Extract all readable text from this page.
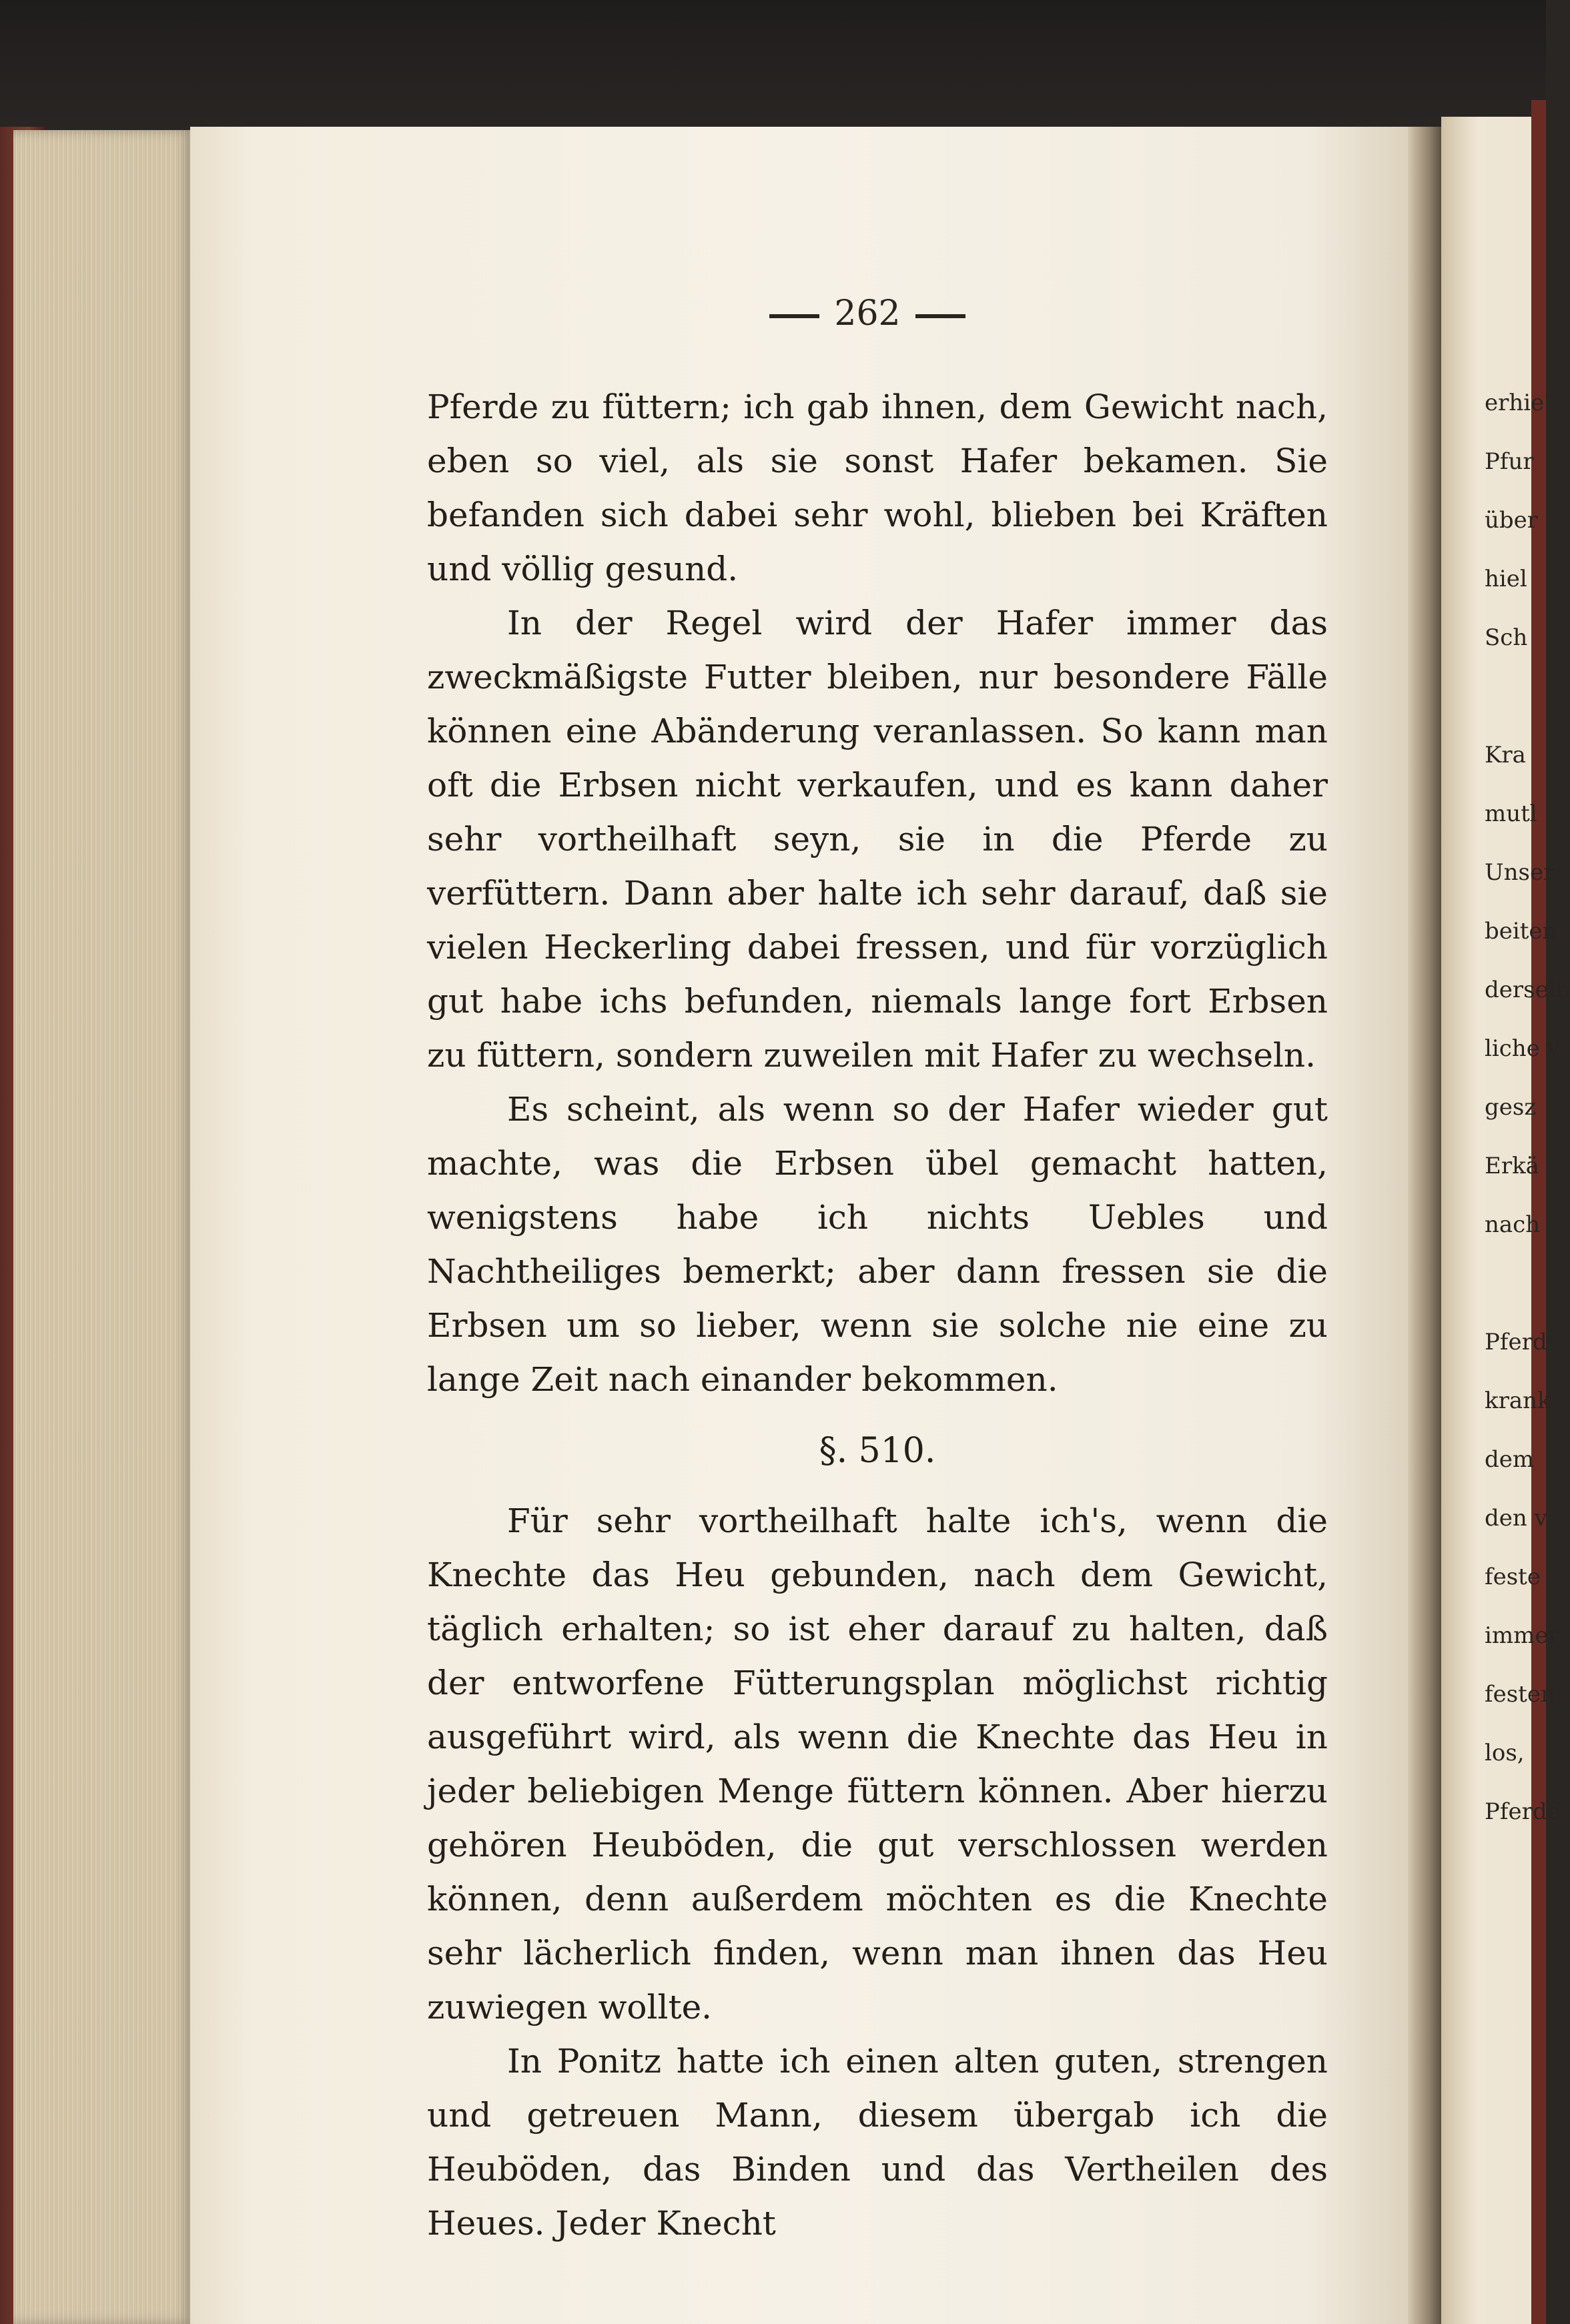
262

Pferde zu füttern; ich gab ihnen, dem Gewicht nach, eben so viel, als sie sonst Hafer bekamen. Sie befanden sich dabei sehr wohl, blieben bei Kräften und völlig gesund.

In der Regel wird der Hafer immer das zweckmäßigste Futter bleiben, nur besondere Fälle können eine Abänderung veranlassen. So kann man oft die Erbsen nicht verkaufen, und es kann daher sehr vortheilhaft seyn, sie in die Pferde zu verfüttern. Dann aber halte ich sehr darauf, daß sie vielen Heckerling dabei fressen, und für vorzüglich gut habe ichs befunden, niemals lange fort Erbsen zu füttern, sondern zuweilen mit Hafer zu wechseln.

Es scheint, als wenn so der Hafer wieder gut machte, was die Erbsen übel gemacht hatten, wenigstens habe ich nichts Uebles und Nachtheiliges bemerkt; aber dann fressen sie die Erbsen um so lieber, wenn sie solche nie eine zu lange Zeit nach einander bekommen.

§. 510.

Für sehr vortheilhaft halte ich's, wenn die Knechte das Heu gebunden, nach dem Gewicht, täglich erhalten; so ist eher darauf zu halten, daß der entworfene Fütterungsplan möglichst richtig ausgeführt wird, als wenn die Knechte das Heu in jeder beliebigen Menge füttern können. Aber hierzu gehören Heuböden, die gut verschlossen werden können, denn außerdem möchten es die Knechte sehr lächerlich finden, wenn man ihnen das Heu zuwiegen wollte.

In Ponitz hatte ich einen alten guten, strengen und getreuen Mann, diesem übergab ich die Heuböden, das Binden und das Vertheilen des Heues. Jeder Knecht

erhie'
Pfur
über
hiel
Sch
Kra
mutl
Unser
beiten
derselb
liche v
gesz
Erkä
nach
Pferd
krank
dem
den v
feste
immer
festen
los,
Pferde
